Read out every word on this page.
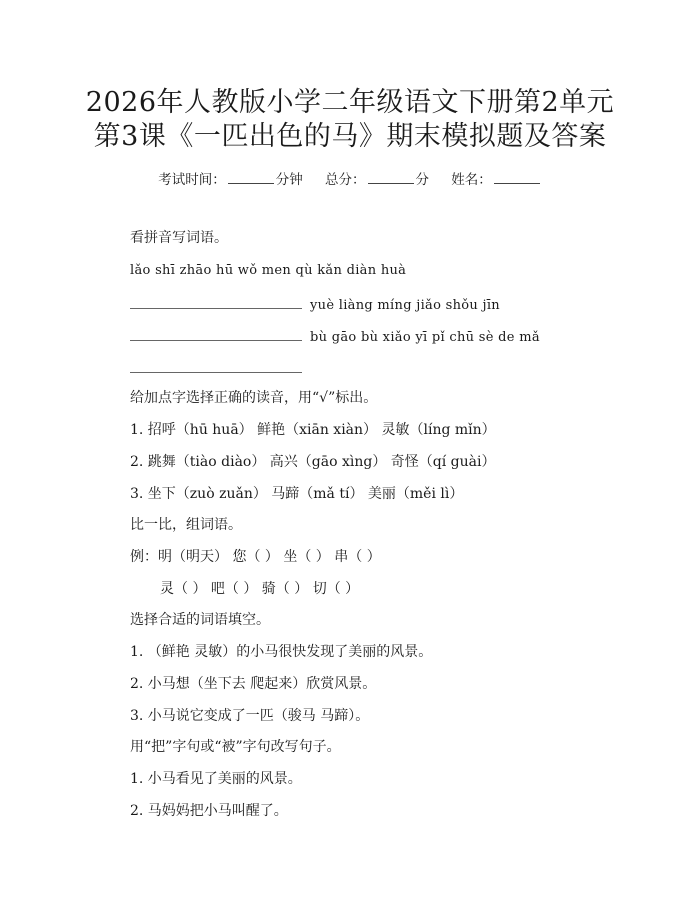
2026年人教版小学二年级语文下册第2单元
第3课《一匹出色的马》期末模拟题及答案
考试时间：	分钟 总分：	分 姓名：
看拼音写词语。
lǎo shī zhāo hū wǒ men qù kǎn diàn huà
yuè liàng míng jiǎo shǒu jīn
bù gāo bù xiǎo yī pǐ chū sè de mǎ
给加点字选择正确的读音，用“√”标出。
1. 招呼（hū huā） 鲜艳（xiān xiàn） 灵敏（líng mǐn）
2. 跳舞（tiào diào） 高兴（gāo xìng） 奇怪（qí guài）
3. 坐下（zuò zuǎn） 马蹄（mǎ tí） 美丽（měi lì）
比一比，组词语。
例：明（明天） 您（ ） 坐（ ） 串（ ）
灵（ ） 吧（ ） 骑（ ） 切（ ）
选择合适的词语填空。
1. （鲜艳 灵敏）的小马很快发现了美丽的风景。
2. 小马想（坐下去 爬起来）欣赏风景。
3. 小马说它变成了一匹（骏马 马蹄）。
用“把”字句或“被”字句改写句子。
1. 小马看见了美丽的风景。
2. 马妈妈把小马叫醒了。
